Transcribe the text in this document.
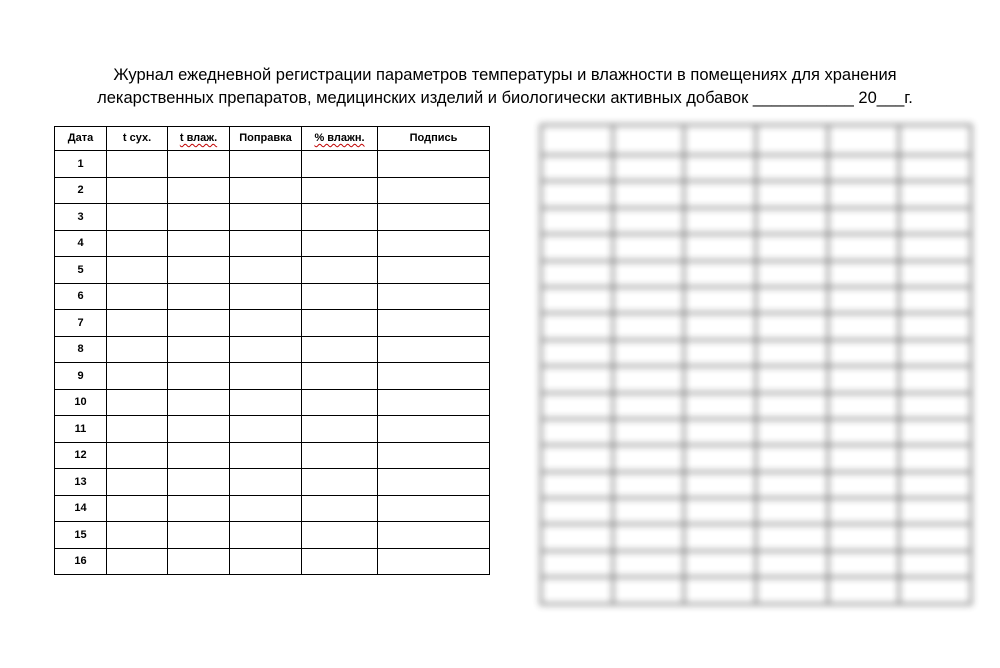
Журнал ежедневной регистрации параметров температуры и влажности в помещениях для хранения
лекарственных препаратов, медицинских изделий и биологически активных добавок ___________ 20___г.
Дата	t сух.	t влаж.	Поправка	% влажн.	Подпись
1					
2					
3					
4					
5					
6					
7					
8					
9					
10					
11					
12					
13					
14					
15					
16					
